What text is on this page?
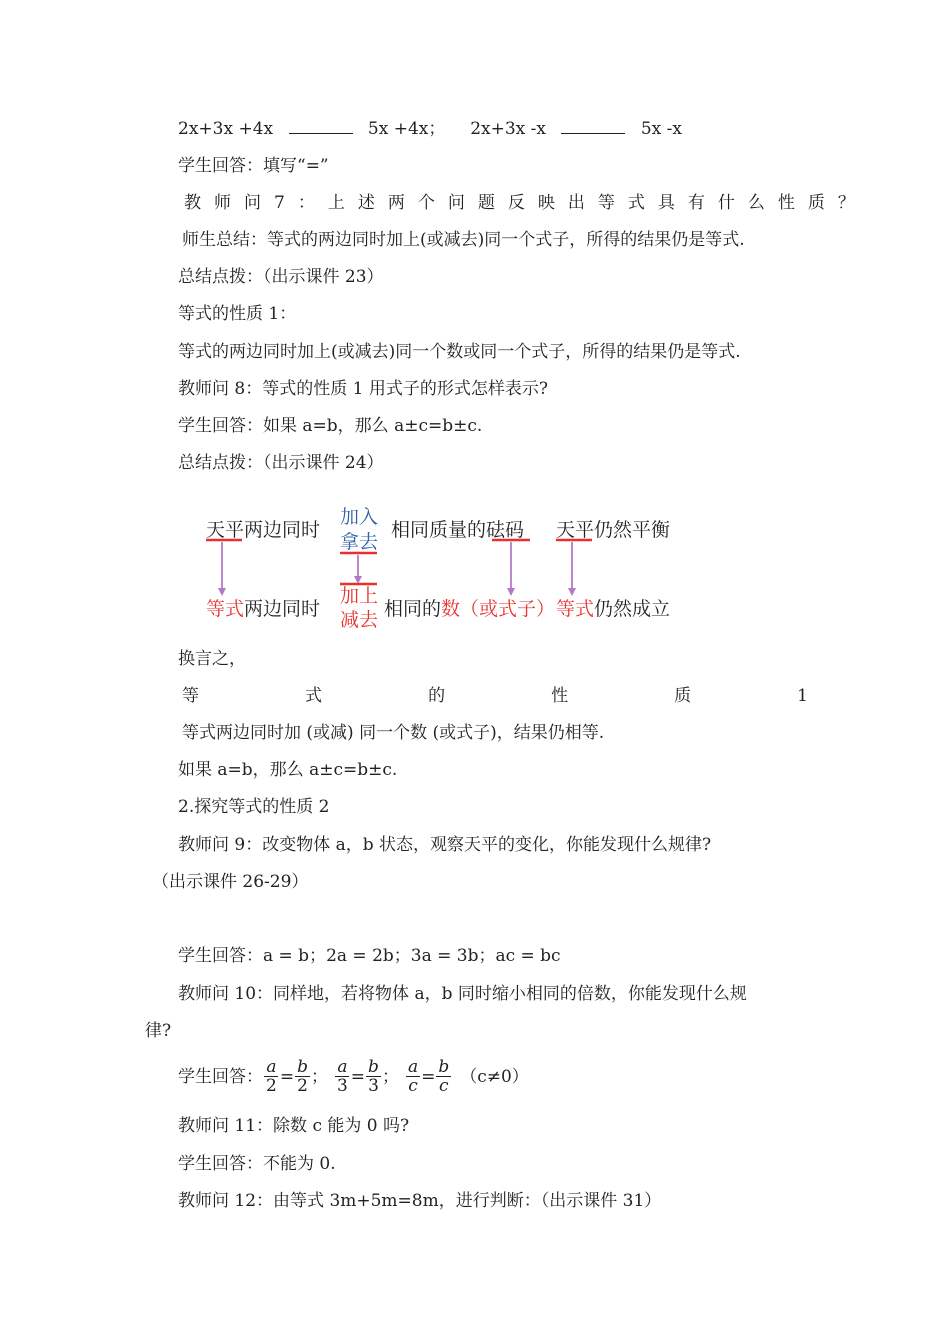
2x+3x +4x	5x +4x； 2x+3x -x	5x -x
学生回答：填写“=”
教 师 问 7 ： 上 述 两 个 问 题 反 映 出 等 式 具 有 什 么 性 质 ？
师生总结：等式的两边同时加上(或减去)同一个式子，所得的结果仍是等式.
总结点拨：（出示课件 23）
等式的性质 1：
等式的两边同时加上(或减去)同一个数或同一个式子，所得的结果仍是等式.
教师问 8：等式的性质 1 用式子的形式怎样表示?
学生回答：如果 a=b，那么 a±c=b±c.
总结点拨：（出示课件 24）
天平两边同时
加入
拿去
相同质量的砝码 天平仍然平衡
等式两边同时
加上
减去 相同的数（或式子） 等式仍然成立
换言之，
等	式	的	性	质	1
等式两边同时加 (或减) 同一个数 (或式子)，结果仍相等.
如果 a=b，那么 a±c=b±c.
2.探究等式的性质 2
教师问 9：改变物体 a，b 状态，观察天平的变化，你能发现什么规律?
（出示课件 26-29）
学生回答：a = b；2a = 2b；3a = 3b；ac = bc
教师问 10：同样地，若将物体 a，b 同时缩小相同的倍数，你能发现什么规
律?
学生回答： $\frac{a}{2} = \frac{b}{2}$ ； $\frac{a}{3} = \frac{b}{3}$ ； $\frac{a}{c} = \frac{b}{c} (c\ne 0)$
教师问 11：除数 c 能为 0 吗?
学生回答：不能为 0.
教师问 12：由等式 3m+5m=8m，进行判断：（出示课件 31）
